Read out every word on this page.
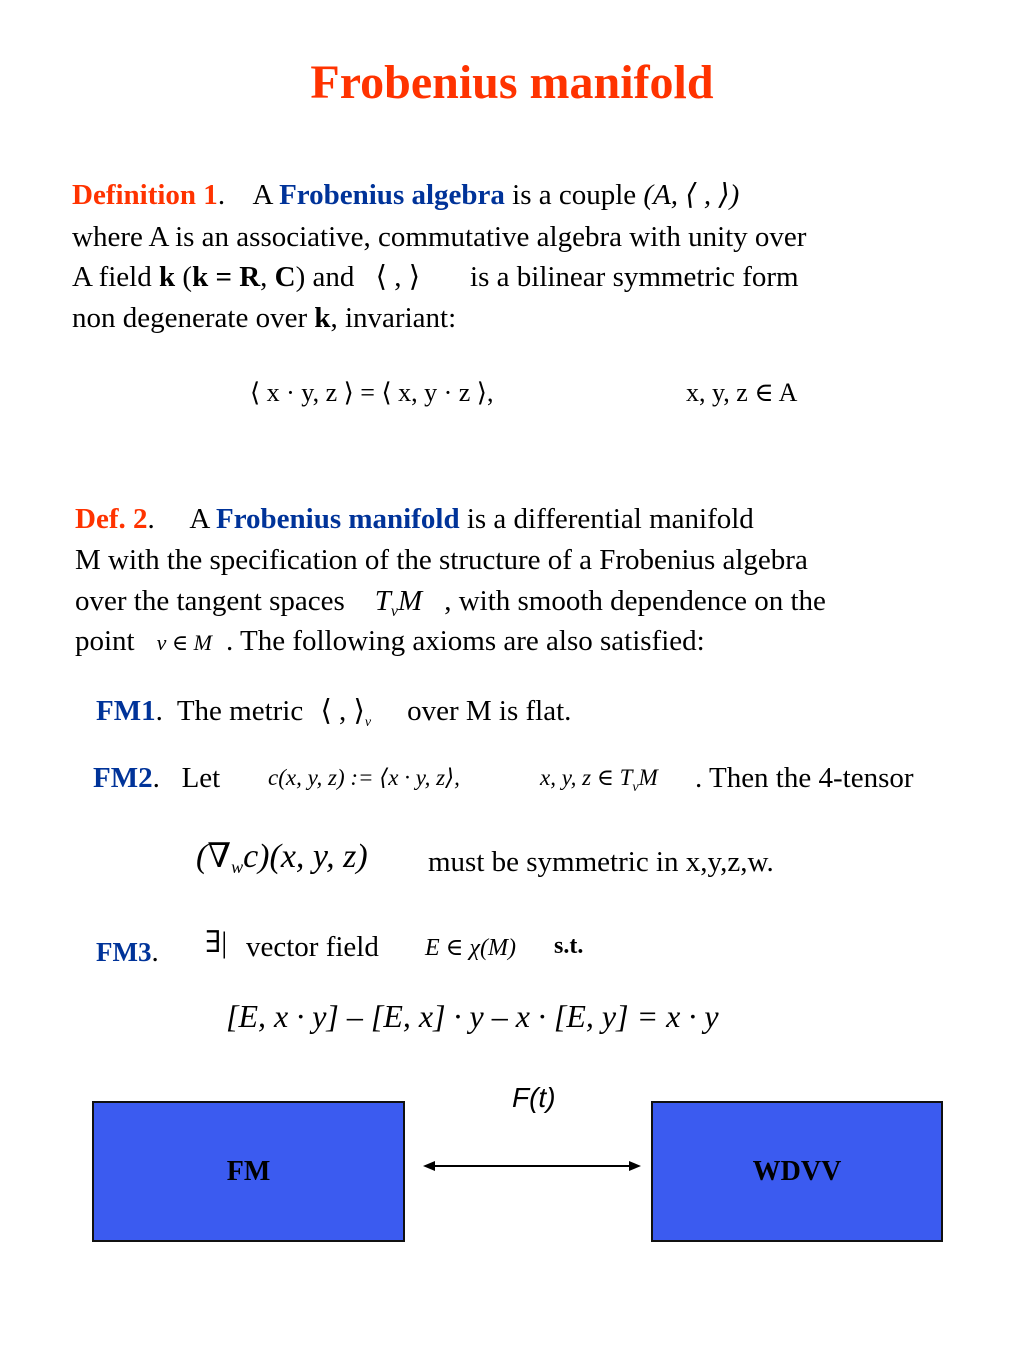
Frobenius manifold
Definition 1.    A Frobenius algebra is a couple (A, ⟨ , ⟩)
where A is an associative, commutative algebra with unity over
A field k (k = R, C) and ⟨ , ⟩ is a bilinear symmetric form
non degenerate over k, invariant:
⟨ x · y, z ⟩ = ⟨ x, y · z ⟩,	x, y, z ∈ A
Def. 2.     A Frobenius manifold is a differential manifold
M with the specification of the structure of a Frobenius algebra
over the tangent spaces $T_vM$ , with smooth dependence on the
point v ∈ M . The following axioms are also satisfied:
FM1.  The metric ⟨ , $⟩_v$ over M is flat.
FM2.   Let c(x, y, z) := ⟨x · y, z⟩,	x, y, z ∈ $T_vM$ . Then the 4-tensor
$(\nabla_wc)(x$, y, z) must be symmetric in x,y,z,w.
FM3. ∃| vector field E ∈ χ(M) s.t.
[E, x · y] – [E, x] · y – x · [E, y] = x · y
F(t)
FM	WDVV
